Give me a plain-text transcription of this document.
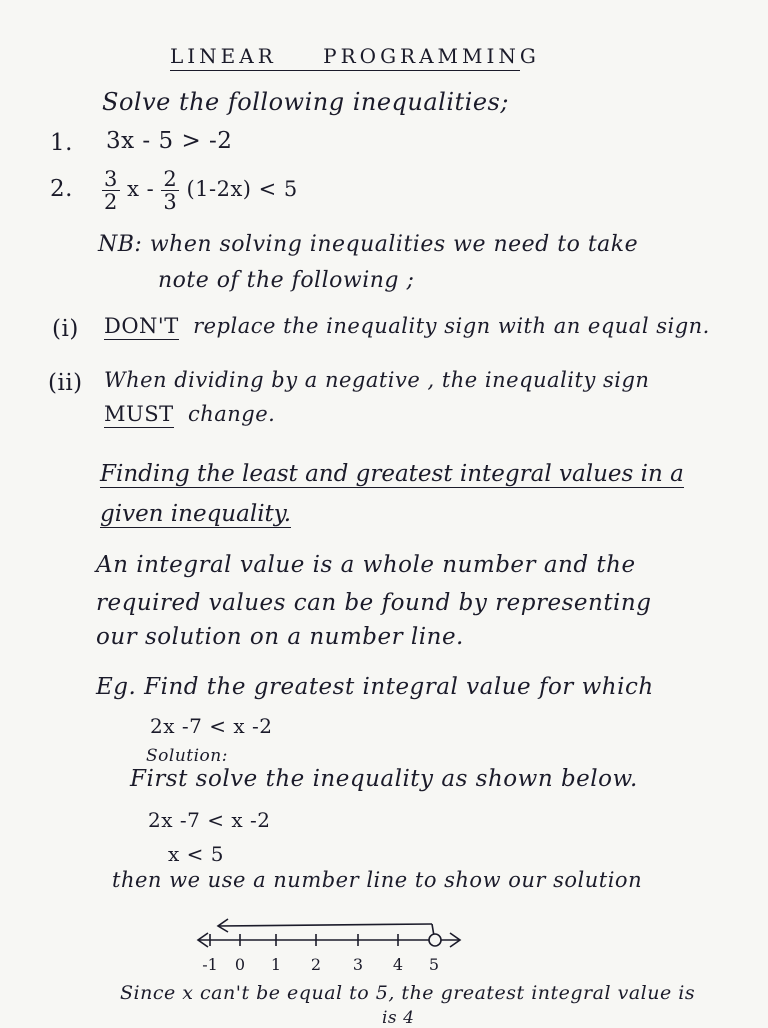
LINEAR PROGRAMMING
Solve the following inequalities;
1. 3x - 5 > -2
2. $\frac{3}{2}$ $x - \frac{2}{3} (1-2x) < 5$
NB: when solving inequalities we need to take
note of the following ;
(i) DON'T replace the inequality sign with an equal sign.
(ii) When dividing by a negative , the inequality sign
MUST change.
Finding the least and greatest integral values in a
given inequality.
An integral value is a whole number and the
required values can be found by representing
our solution on a number line.
Eg. Find the greatest integral value for which
2x -7 < x -2
Solution:
First solve the inequality as shown below.
2x -7 < x -2
x < 5
then we use a number line to show our solution
-1 0 1 2 3 4 5
Since x can't be equal to 5, the greatest integral value is
is 4
